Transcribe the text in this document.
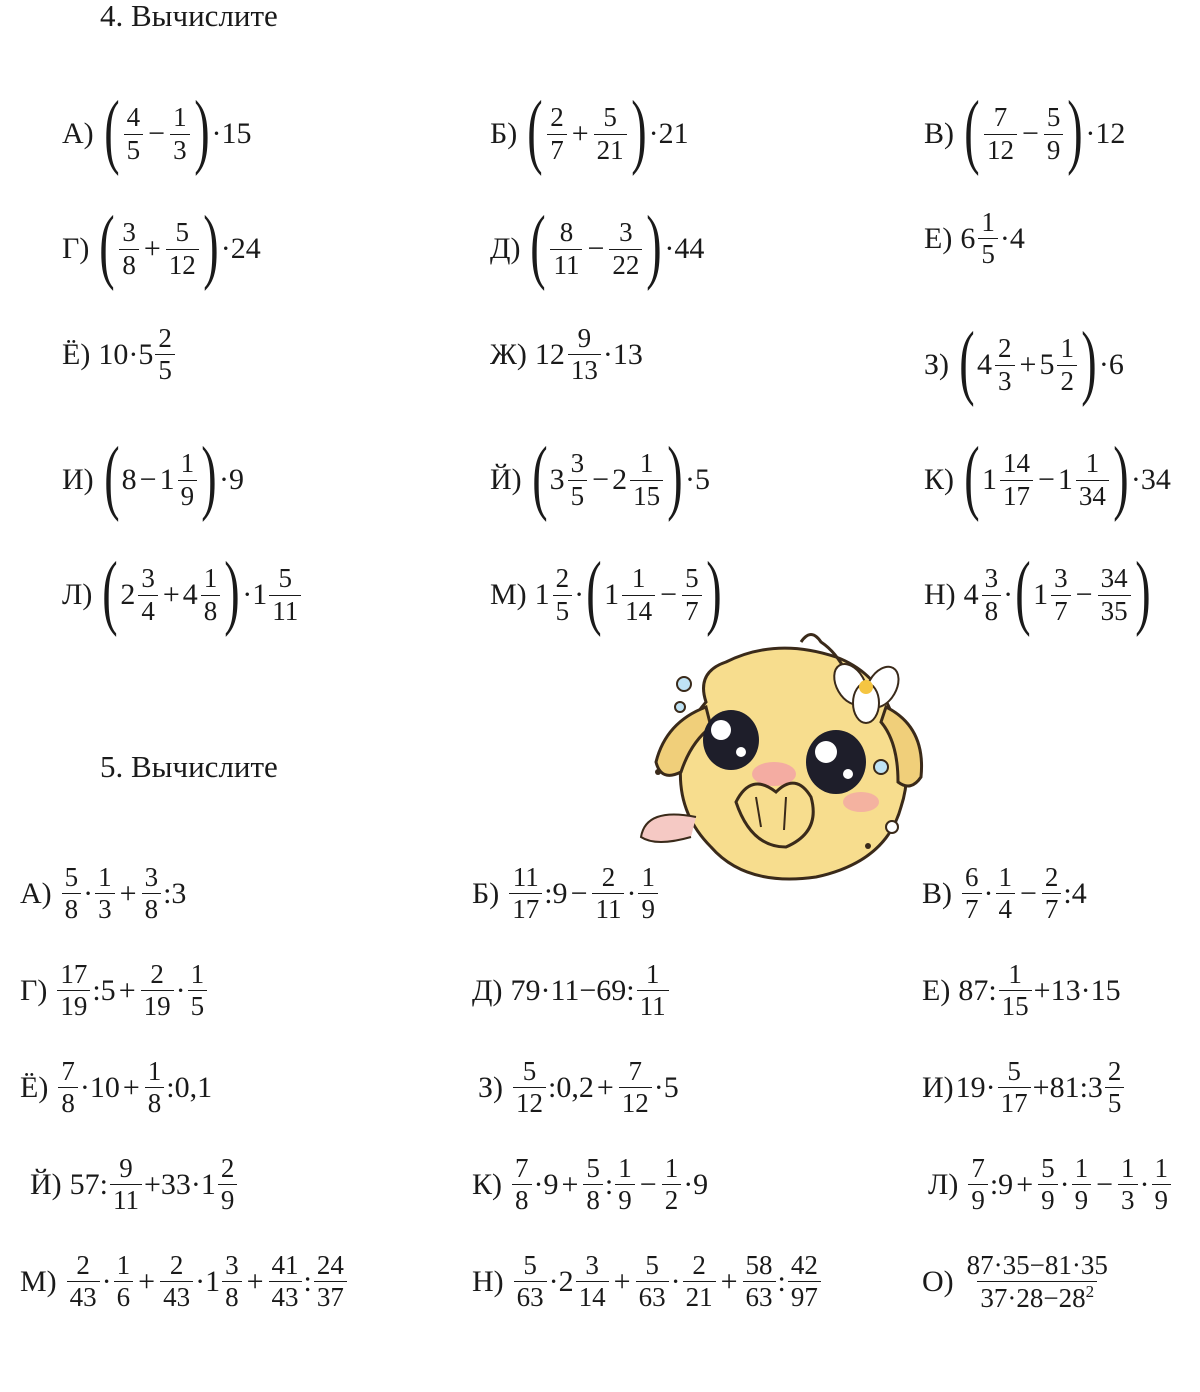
4. Вычислите
А) ( $\frac{4}{5} - \frac{1}{3}$ ) ·15	Б) ( $\frac{2}{7} + \frac{5}{21}$ ) ·21	В) ( $\frac{7}{12} - \frac{5}{9}$ ) ·12
Г) ( $\frac{3}{8} + \frac{5}{12}$ ) ·24	Д) ( $\frac{8}{11} - \frac{3}{22}$ ) ·44	Е) $6 \frac{1}{5} \cdot 4$
Ё) $10\cdot 5 \frac{2}{5}$	Ж) $12 \frac{9}{13} \cdot 13$	З) ( $4 \frac{2}{3} + 5 \frac{1}{2}$ ) ·6
И) ( $8 - 1 \frac{1}{9}$ ) ·9	Й) ( $3 \frac{3}{5} - 2 \frac{1}{15}$ ) ·5	К) ( $1 \frac{14}{17} - 1 \frac{1}{34}$ ) ·34
Л) ( $2 \frac{3}{4} + 4 \frac{1}{8}$ ) $\cdot 1 \frac{5}{11}$	М) $1 \frac{2}{5}$ · ( $1 \frac{1}{14} - \frac{5}{7}$ )	Н) $4 \frac{3}{8}$ · ( $1 \frac{3}{7} - \frac{34}{35}$ )
5. Вычислите
$А) \frac{5}{8} \cdot \frac{1}{3} + \frac{3}{8}$ :3	$Б) \frac{11}{17}$ :9 − $\frac{2}{11} \cdot \frac{1}{9}$	$В) \frac{6}{7} \cdot \frac{1}{4} - \frac{2}{7}$ :4
$Г) \frac{17}{19}$ :5 + $\frac{2}{19} \cdot \frac{1}{5}$	Д) 79·11−69: $\frac{1}{11}$	Е) 87: $\frac{1}{15} +13\cdot 15$
$Ё) \frac{7}{8} \cdot 10 + \frac{1}{8}$ :0,1	$З) \frac{5}{12}$ :0,2 + $\frac{7}{12} \cdot 5$	И) $19\cdot \frac{5}{17}$ +81:3 $\frac{2}{5}$
Й) 57: $\frac{9}{11} +33\cdot 1 \frac{2}{9}$	$К) \frac{7}{8} \cdot 9 + \frac{5}{8}$ : $\frac{1}{9} - \frac{1}{2} \cdot 9$	$Л) \frac{7}{9}$ :9 + $\frac{5}{9} \cdot \frac{1}{9} - \frac{1}{3} \cdot \frac{1}{9}$
$М) \frac{2}{43} \cdot \frac{1}{6} + \frac{2}{43} \cdot 1 \frac{3}{8} + \frac{41}{43}$ : $\frac{24}{37}$	$Н) \frac{5}{63} \cdot 2 \frac{3}{14} + \frac{5}{63} \cdot \frac{2}{21} + \frac{58}{63}$ : $\frac{42}{97}$	$О) \frac{87\cdot 35-81\cdot 35}{37\cdot 28-28^2}$
